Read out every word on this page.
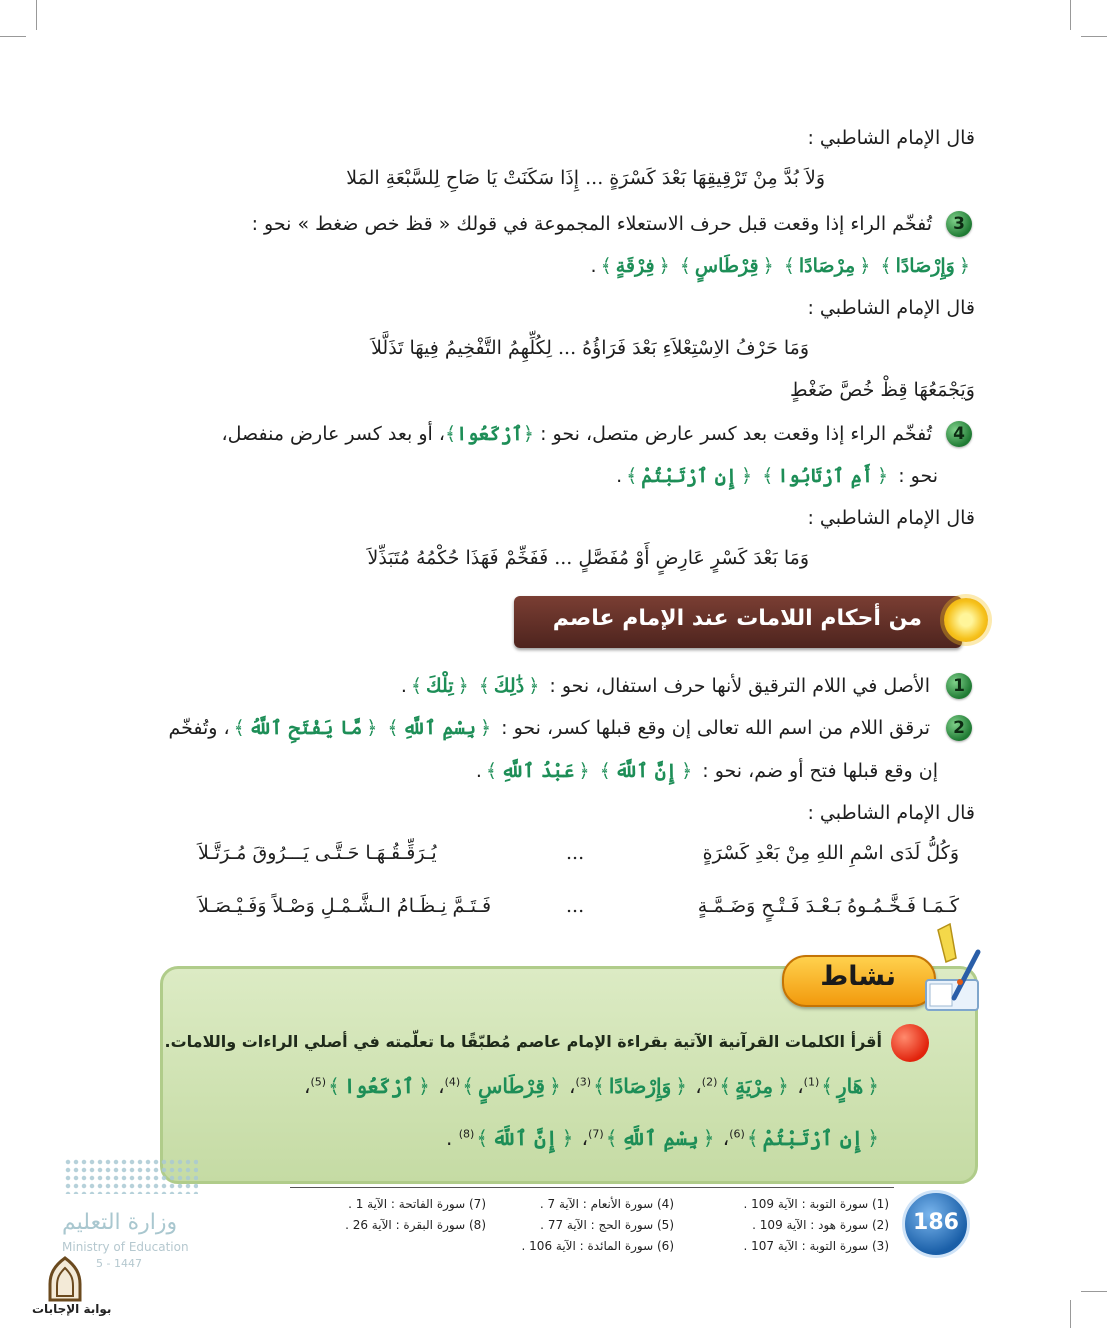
قال الإمام الشاطبي :
وَلاَ بُدَّ مِنْ تَرْقِيقِهَا بَعْدَ كَسْرَةٍ ... إِذَا سَكَنَتْ يَا صَاحِ لِلسَّبْعَةِ المَلا
3
تُفخّم الراء إذا وقعت قبل حرف الاستعلاء المجموعة في قولك « قظ خص ضغط » نحو :
﴿وَإِرْصَادًا﴾ ﴿مِرْصَادًا﴾ ﴿قِرْطَاسٍ﴾ ﴿فِرْقَةٍ﴾.
قال الإمام الشاطبي :
وَمَا حَرْفُ الاِسْتِعْلاَءِ بَعْدَ فَرَاؤُهُ ... لِكُلِّهِمُ التَّفْخِيمُ فِيهَا تَذَلَّلاَ
وَيَجْمَعُهَا قِظْ خُصَّ ضَغْطٍ
4
تُفخّم الراء إذا وقعت بعد كسر عارض متصل، نحو : ﴿ٱرْكَعُوا﴾، أو بعد كسر عارض منفصل،
نحو : ﴿أَمِ ٱرْتَابُوا﴾ ﴿إِنِ ٱرْتَبْتُمْ﴾.
قال الإمام الشاطبي :
وَمَا بَعْدَ كَسْرٍ عَارِضٍ أَوْ مُفَصَّلٍ ... فَفَخِّمْ فَهَذَا حُكْمُهُ مُتَبَذِّلاَ
من أحكام اللامات عند الإمام عاصم
1
الأصل في اللام الترقيق لأنها حرف استفال، نحو : ﴿ذَٰلِكَ﴾ ﴿تِلْكَ﴾.
2
ترقق اللام من اسم الله تعالى إن وقع قبلها كسر، نحو : ﴿بِسْمِ ٱللَّهِ﴾ ﴿مَّا يَفْتَحِ ٱللَّهُ﴾، وتُفخّم
إن وقع قبلها فتح أو ضم، نحو : ﴿إِنَّ ٱللَّهَ﴾ ﴿عَبْدُ ٱللَّهِ﴾.
قال الإمام الشاطبي :
وَكُلُّ لَدَى اسْمِ اللهِ مِنْ بَعْدِ كَسْرَةٍ
...
يُـرَقِّـقُـهَـا حَـتَّـى يَـــرُوقَ مُـرَتَّـلاَ
كَـمَـا فَـخَّـمُـوهُ بَـعْـدَ فَـتْـحٍ وَضَـمَّـةٍ
...
فَـتَـمَّ نِـظَـامُ الـشَّـمْـلِ وَصْـلاً وَفَـيْـصَـلاَ
نشاط
أقرأ الكلمات القرآنية الآتية بقراءة الإمام عاصم مُطبّقًا ما تعلّمته في أصلي الراءات واللامات.
﴿هَارٍ﴾$^{(1)}$، ﴿مِرْيَةٍ﴾$^{(2)}$، ﴿وَإِرْصَادًا﴾$^{(3)}$، ﴿قِرْطَاسٍ﴾$^{(4)}$، ﴿ٱرْكَعُوا﴾$^{(5)}$،
﴿إِنِ ٱرْتَبْتُمْ﴾$^{(6)}$، ﴿بِسْمِ ٱللَّهِ﴾$^{(7)}$، ﴿إِنَّ ٱللَّهَ﴾$^{(8)}$ .
(1) سورة التوبة : الآية 109 .
(2) سورة هود : الآية 109 .
(3) سورة التوبة : الآية 107 .
(4) سورة الأنعام : الآية 7 .
(5) سورة الحج : الآية 77 .
(6) سورة المائدة : الآية 106 .
(7) سورة الفاتحة : الآية 1 .
(8) سورة البقرة : الآية 26 .	186
وزارة التعليم
Ministry of Education
5 - 1447
بوابة الإجابات
